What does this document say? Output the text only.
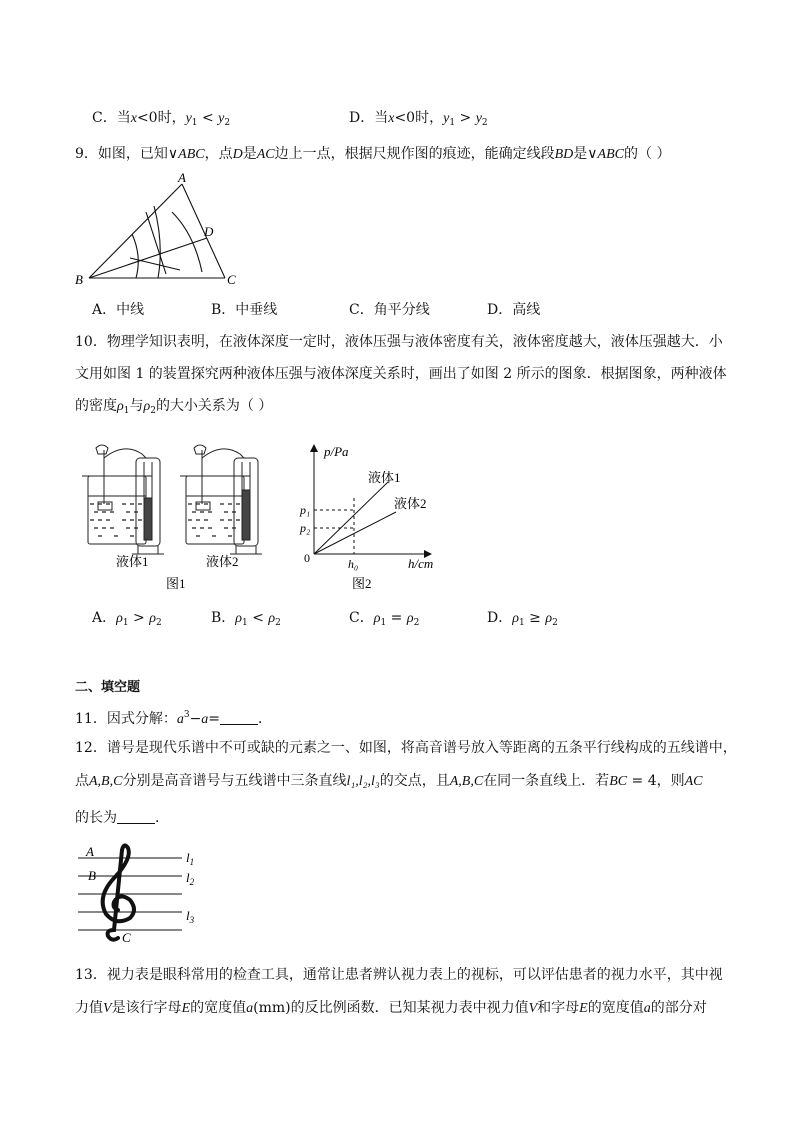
C．当x<0时，$y_1 < y_2$	D．当x<0时，$y_1 > y_2$
9．如图，已知∨ABC，点D是AC边上一点，根据尺规作图的痕迹，能确定线段BD是∨ABC的（ ）
A
B	C
D
A．中线	B．中垂线	C．角平分线	D．高线
10．物理学知识表明，在液体深度一定时，液体压强与液体密度有关，液体密度越大，液体压强越大．小
文用如图 1 的装置探究两种液体压强与液体深度关系时，画出了如图 2 所示的图象．根据图象，两种液体
的密度$\rho_1$与$\rho_2$的大小关系为（ ）
液体1	液体2
图1
p/Pa
h/cm
0
p₁
p₂
h₀
液体1
液体2
图2
A．$\rho_1 > \rho_2$	B．$\rho_1 < \rho_2$	C．$\rho_1 = \rho_2$	D．$\rho_1 \ge \rho_2$
二、填空题
11．因式分解：$a^3-a=$	．
12．谱号是现代乐谱中不可或缺的元素之一、如图，将高音谱号放入等距离的五条平行线构成的五线谱中，
点A,B,C分别是高音谱号与五线谱中三条直线l₁,l₂,l₃的交点，且A,B,C在同一条直线上．若BC = 4，则AC
的长为	．
A
B
C
$l_1$
$l_2$
$l_3$
13．视力表是眼科常用的检查工具，通常让患者辨认视力表上的视标，可以评估患者的视力水平，其中视
力值V是该行字母E的宽度值a(mm)的反比例函数．已知某视力表中视力值V和字母E的宽度值a的部分对
